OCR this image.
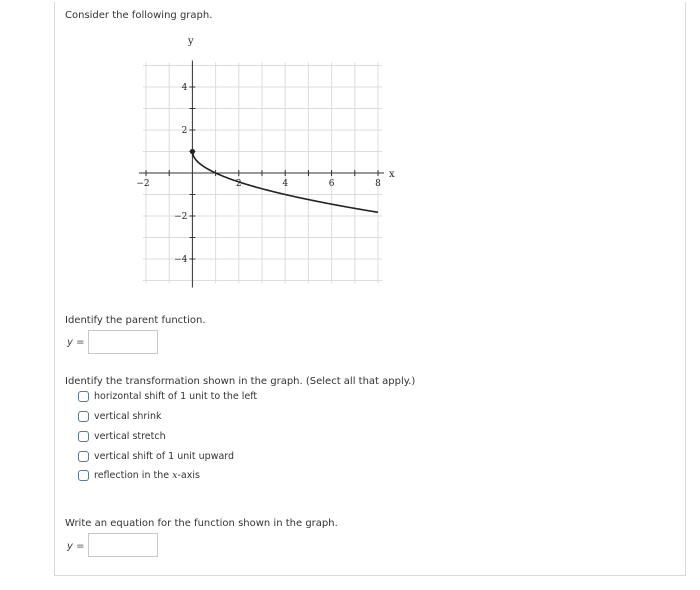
Consider the following graph.
−2	2	4	6	8
4
2
−2
−4
x
y
Identify the parent function.
y =
Identify the transformation shown in the graph. (Select all that apply.)
horizontal shift of 1 unit to the left
vertical shrink
vertical stretch
vertical shift of 1 unit upward
reflection in the x-axis
Write an equation for the function shown in the graph.
y =
